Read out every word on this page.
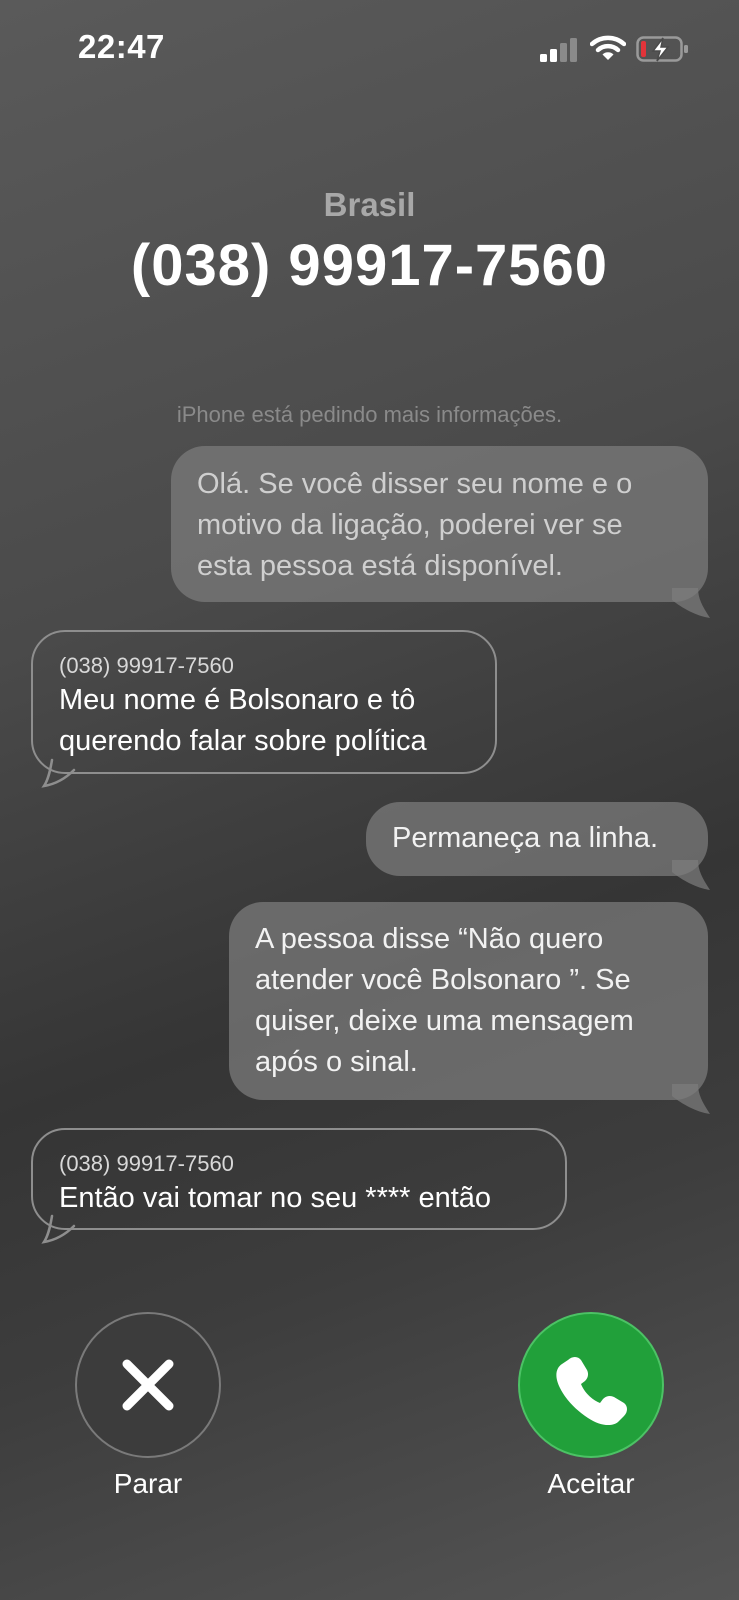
22:47
Brasil
(038) 99917-7560
iPhone está pedindo mais informações.
Olá. Se você disser seu nome e o motivo da ligação, poderei ver se esta pessoa está disponível.
(038) 99917-7560
Meu nome é Bolsonaro e tô querendo falar sobre política
Permaneça na linha.
A pessoa disse “Não quero atender você Bolsonaro ”. Se quiser, deixe uma mensagem após o sinal.
(038) 99917-7560
Então vai tomar no seu **** então
Parar	Aceitar
